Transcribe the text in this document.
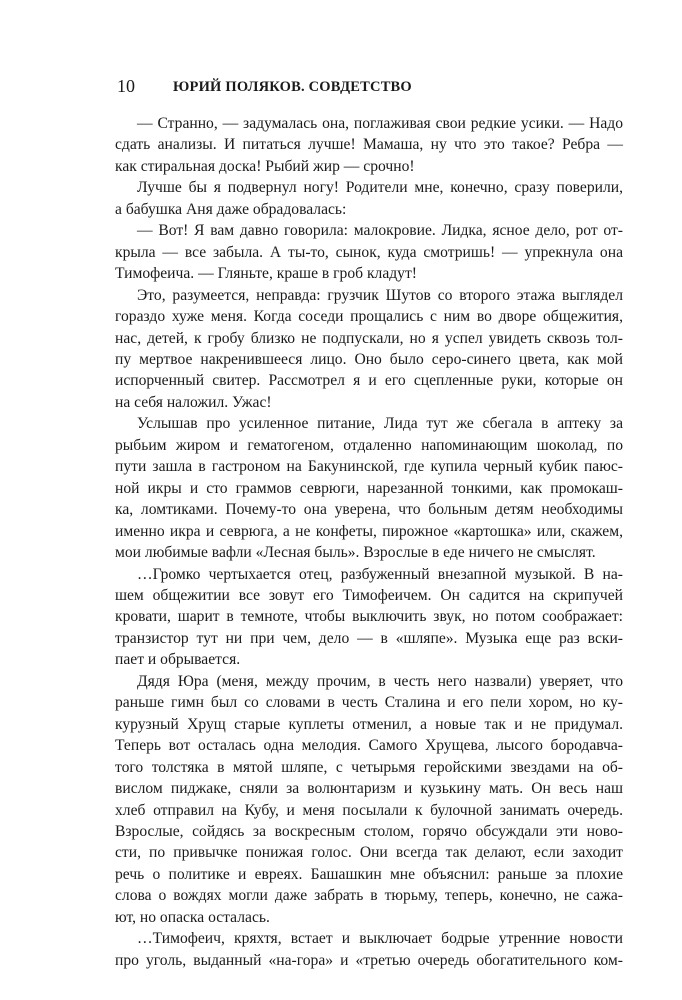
10	ЮРИЙ ПОЛЯКОВ. СОВДЕТСТВО
— Странно, — задумалась она, поглаживая свои редкие усики. — Надо
сдать анализы. И питаться лучше! Мамаша, ну что это такое? Ребра —
как стиральная доска! Рыбий жир — срочно!
Лучше бы я подвернул ногу! Родители мне, конечно, сразу поверили,
а бабушка Аня даже обрадовалась:
— Вот! Я вам давно говорила: малокровие. Лидка, ясное дело, рот от-
крыла — все забыла. А ты-то, сынок, куда смотришь! — упрекнула она
Тимофеича. — Гляньте, краше в гроб кладут!
Это, разумеется, неправда: грузчик Шутов со второго этажа выглядел
гораздо хуже меня. Когда соседи прощались с ним во дворе общежития,
нас, детей, к гробу близко не подпускали, но я успел увидеть сквозь тол-
пу мертвое накренившееся лицо. Оно было серо-синего цвета, как мой
испорченный свитер. Рассмотрел я и его сцепленные руки, которые он
на себя наложил. Ужас!
Услышав про усиленное питание, Лида тут же сбегала в аптеку за
рыбьим жиром и гематогеном, отдаленно напоминающим шоколад, по
пути зашла в гастроном на Бакунинской, где купила черный кубик паюс-
ной икры и сто граммов севрюги, нарезанной тонкими, как промокаш-
ка, ломтиками. Почему-то она уверена, что больным детям необходимы
именно икра и севрюга, а не конфеты, пирожное «картошка» или, скажем,
мои любимые вафли «Лесная быль». Взрослые в еде ничего не смыслят.
…Громко чертыхается отец, разбуженный внезапной музыкой. В на-
шем общежитии все зовут его Тимофеичем. Он садится на скрипучей
кровати, шарит в темноте, чтобы выключить звук, но потом соображает:
транзистор тут ни при чем, дело — в «шляпе». Музыка еще раз вски-
пает и обрывается.
Дядя Юра (меня, между прочим, в честь него назвали) уверяет, что
раньше гимн был со словами в честь Сталина и его пели хором, но ку-
курузный Хрущ старые куплеты отменил, а новые так и не придумал.
Теперь вот осталась одна мелодия. Самого Хрущева, лысого бородавча-
того толстяка в мятой шляпе, с четырьмя геройскими звездами на об-
вислом пиджаке, сняли за волюнтаризм и кузькину мать. Он весь наш
хлеб отправил на Кубу, и меня посылали к булочной занимать очередь.
Взрослые, сойдясь за воскресным столом, горячо обсуждали эти ново-
сти, по привычке понижая голос. Они всегда так делают, если заходит
речь о политике и евреях. Башашкин мне объяснил: раньше за плохие
слова о вождях могли даже забрать в тюрьму, теперь, конечно, не сажа-
ют, но опаска осталась.
…Тимофеич, кряхтя, встает и выключает бодрые утренние новости
про уголь, выданный «на-гора» и «третью очередь обогатительного ком-
